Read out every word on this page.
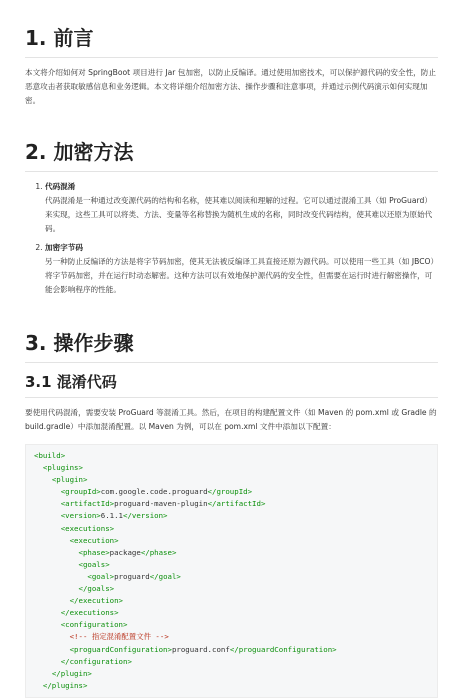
1. 前言

本文将介绍如何对 SpringBoot 项目进行 Jar 包加密，以防止反编译。通过使用加密技术，可以保护源代码的安全性，防止恶意攻击者获取敏感信息和业务逻辑。本文将详细介绍加密方法、操作步骤和注意事项，并通过示例代码演示如何实现加密。

2. 加密方法
1. 代码混淆
代码混淆是一种通过改变源代码的结构和名称，使其难以阅读和理解的过程。它可以通过混淆工具（如 ProGuard）来实现，这些工具可以将类、方法、变量等名称替换为随机生成的名称，同时改变代码结构，使其难以还原为原始代码。
2. 加密字节码
另一种防止反编译的方法是将字节码加密，使其无法被反编译工具直接还原为源代码。可以使用一些工具（如 JBCO）将字节码加密，并在运行时动态解密。这种方法可以有效地保护源代码的安全性，但需要在运行时进行解密操作，可能会影响程序的性能。
3. 操作步骤
3.1 混淆代码

要使用代码混淆，需要安装 ProGuard 等混淆工具。然后，在项目的构建配置文件（如 Maven 的 pom.xml 或 Gradle 的 build.gradle）中添加混淆配置。以 Maven 为例，可以在 pom.xml 文件中添加以下配置：

<build>
<plugins>
<plugin>
<groupId>com.google.code.proguard</groupId>
<artifactId>proguard-maven-plugin</artifactId>
<version>6.1.1</version>
<executions>
<execution>
<phase>package</phase>
<goals>
<goal>proguard</goal>
</goals>
</execution>
</executions>
<configuration>
<!-- 指定混淆配置文件 -->
<proguardConfiguration>proguard.conf</proguardConfiguration>
</configuration>
</plugin>
</plugins>
